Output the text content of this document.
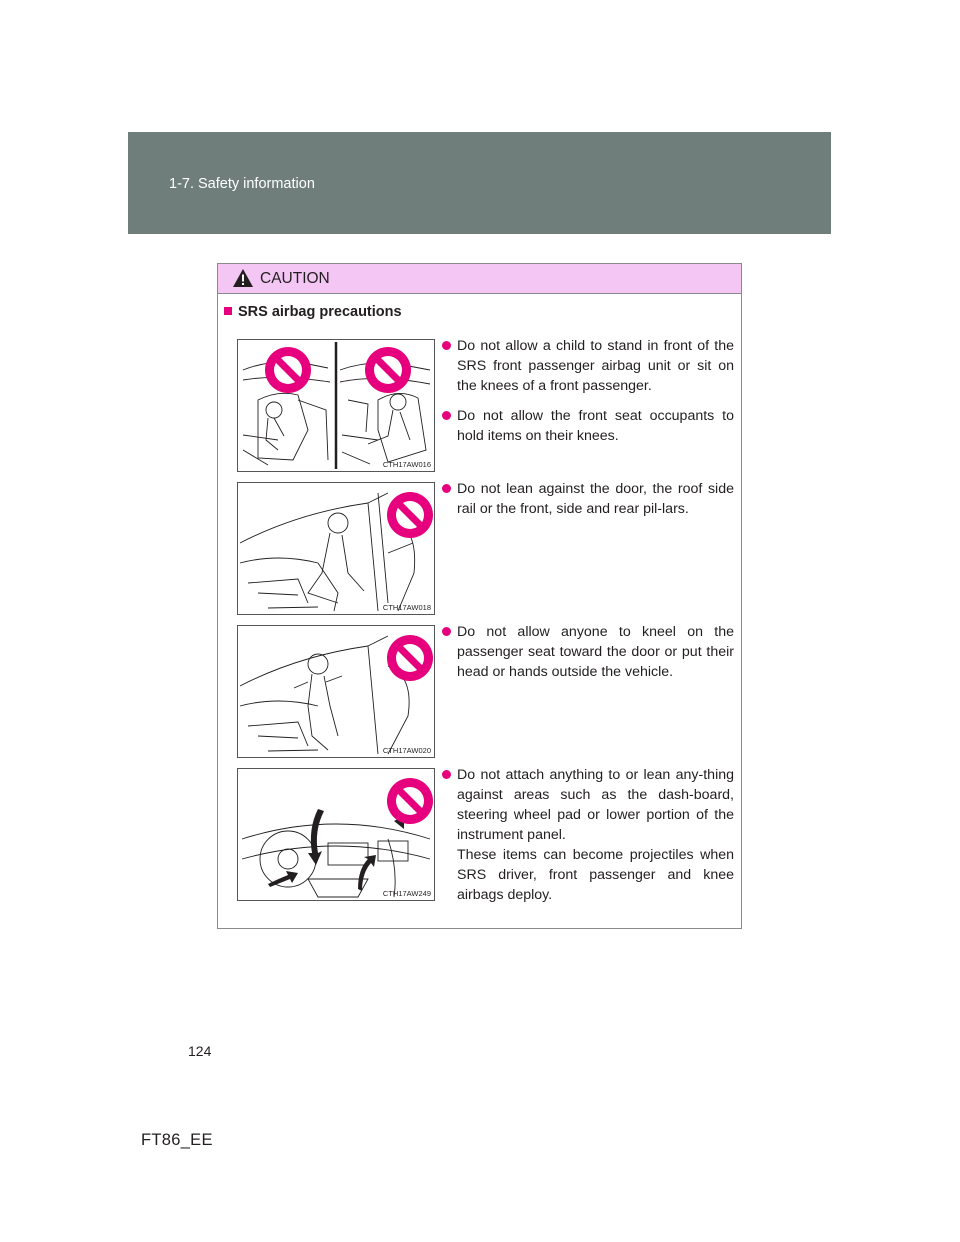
1-7. Safety information
CAUTION
SRS airbag precautions
CTH17AW016
CTH17AW018
CTH17AW020
CTH17AW249
Do not allow a child to stand in front of the SRS front passenger airbag unit or sit on the knees of a front passenger.
Do not allow the front seat occupants to hold items on their knees.
Do not lean against the door, the roof side rail or the front, side and rear pil-lars.
Do not allow anyone to kneel on the passenger seat toward the door or put their head or hands outside the vehicle.
Do not attach anything to or lean any-thing against areas such as the dash-board, steering wheel pad or lower portion of the instrument panel.
These items can become projectiles when SRS driver, front passenger and knee airbags deploy.
124
FT86_EE
